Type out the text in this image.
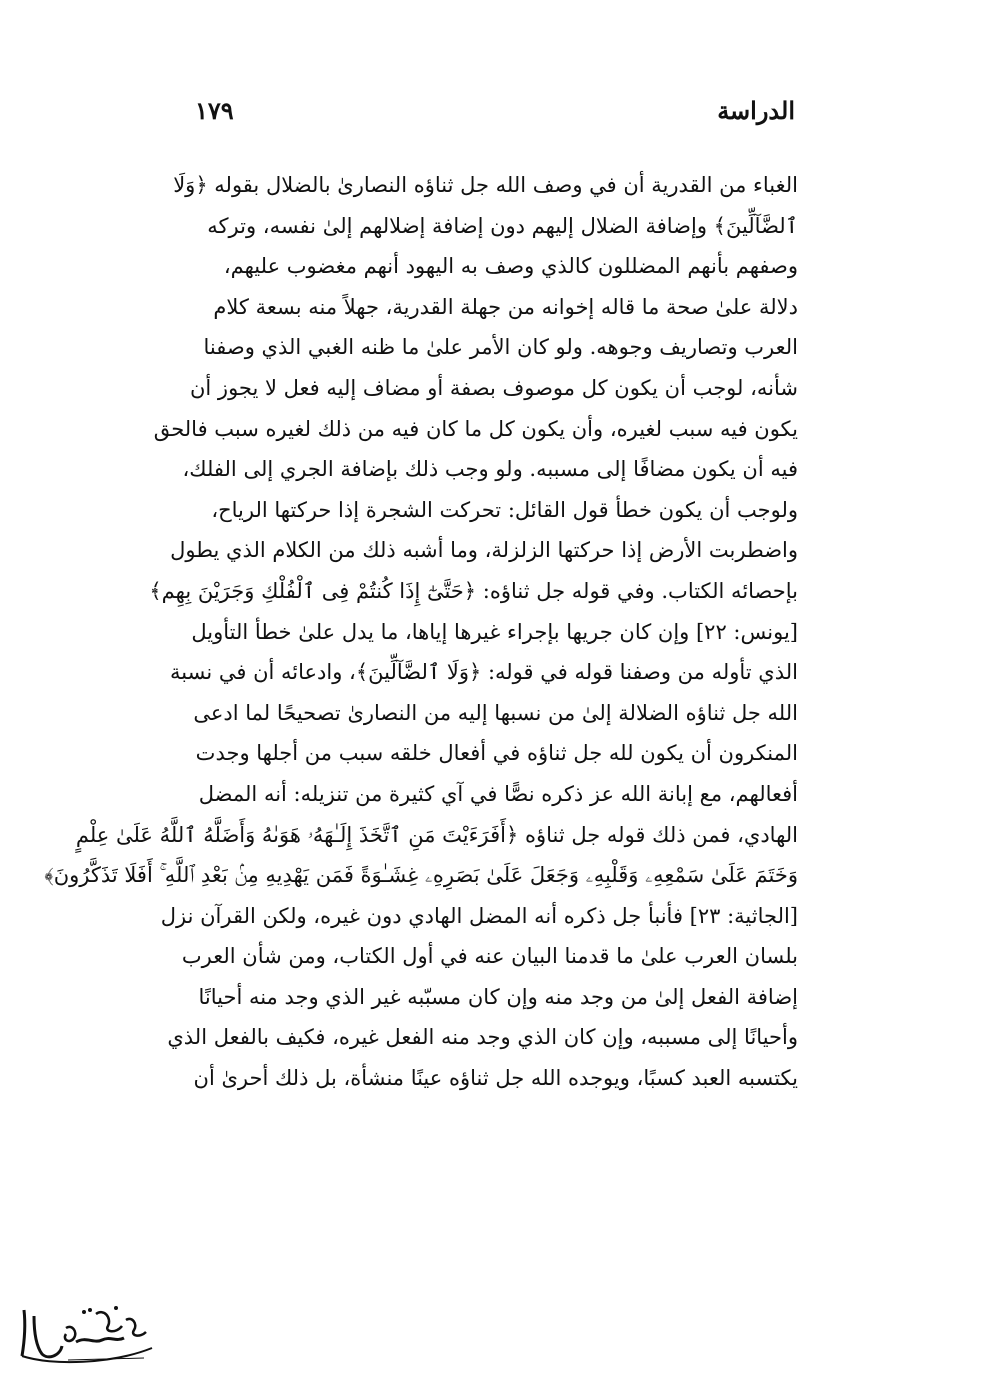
الدراسة
١٧٩
الغباء من القدرية أن في وصف الله جل ثناؤه النصارىٰ بالضلال بقوله ﴿وَلَا
ٱلضَّآلِّينَ﴾ وإضافة الضلال إليهم دون إضافة إضلالهم إلىٰ نفسه، وتركه
وصفهم بأنهم المضللون كالذي وصف به اليهود أنهم مغضوب عليهم،
دلالة علىٰ صحة ما قاله إخوانه من جهلة القدرية، جهلاً منه بسعة كلام
العرب وتصاريف وجوهه. ولو كان الأمر علىٰ ما ظنه الغبي الذي وصفنا
شأنه، لوجب أن يكون كل موصوف بصفة أو مضاف إليه فعل لا يجوز أن
يكون فيه سبب لغيره، وأن يكون كل ما كان فيه من ذلك لغيره سبب فالحق
فيه أن يكون مضافًا إلى مسببه. ولو وجب ذلك بإضافة الجري إلى الفلك،
ولوجب أن يكون خطأ قول القائل: تحركت الشجرة إذا حركتها الرياح،
واضطربت الأرض إذا حركتها الزلزلة، وما أشبه ذلك من الكلام الذي يطول
بإحصائه الكتاب. وفي قوله جل ثناؤه: ﴿حَتَّىٰٓ إِذَا كُنتُمْ فِى ٱلْفُلْكِ وَجَرَيْنَ بِهِم﴾
[يونس: ٢٢] وإن كان جريها بإجراء غيرها إياها، ما يدل علىٰ خطأ التأويل
الذي تأوله من وصفنا قوله في قوله: ﴿وَلَا ٱلضَّآلِّينَ﴾، وادعائه أن في نسبة
الله جل ثناؤه الضلالة إلىٰ من نسبها إليه من النصارىٰ تصحيحًا لما ادعى
المنكرون أن يكون لله جل ثناؤه في أفعال خلقه سبب من أجلها وجدت
أفعالهم، مع إبانة الله عز ذكره نصًّا في آي كثيرة من تنزيله: أنه المضل
الهادي، فمن ذلك قوله جل ثناؤه ﴿أَفَرَءَيْتَ مَنِ ٱتَّخَذَ إِلَـٰهَهُۥ هَوَىٰهُ وَأَضَلَّهُ ٱللَّهُ عَلَىٰ عِلْمٍ
وَخَتَمَ عَلَىٰ سَمْعِهِۦ وَقَلْبِهِۦ وَجَعَلَ عَلَىٰ بَصَرِهِۦ غِشَـٰوَةً فَمَن يَهْدِيهِ مِنۢ بَعْدِ ٱللَّهِ ۚ أَفَلَا تَذَكَّرُونَ﴾
[الجاثية: ٢٣] فأنبأ جل ذكره أنه المضل الهادي دون غيره، ولكن القرآن نزل
بلسان العرب علىٰ ما قدمنا البيان عنه في أول الكتاب، ومن شأن العرب
إضافة الفعل إلىٰ من وجد منه وإن كان مسبّبه غير الذي وجد منه أحيانًا
وأحيانًا إلى مسببه، وإن كان الذي وجد منه الفعل غيره، فكيف بالفعل الذي
يكتسبه العبد كسبًا، ويوجده الله جل ثناؤه عينًا منشأة، بل ذلك أحرىٰ أن
